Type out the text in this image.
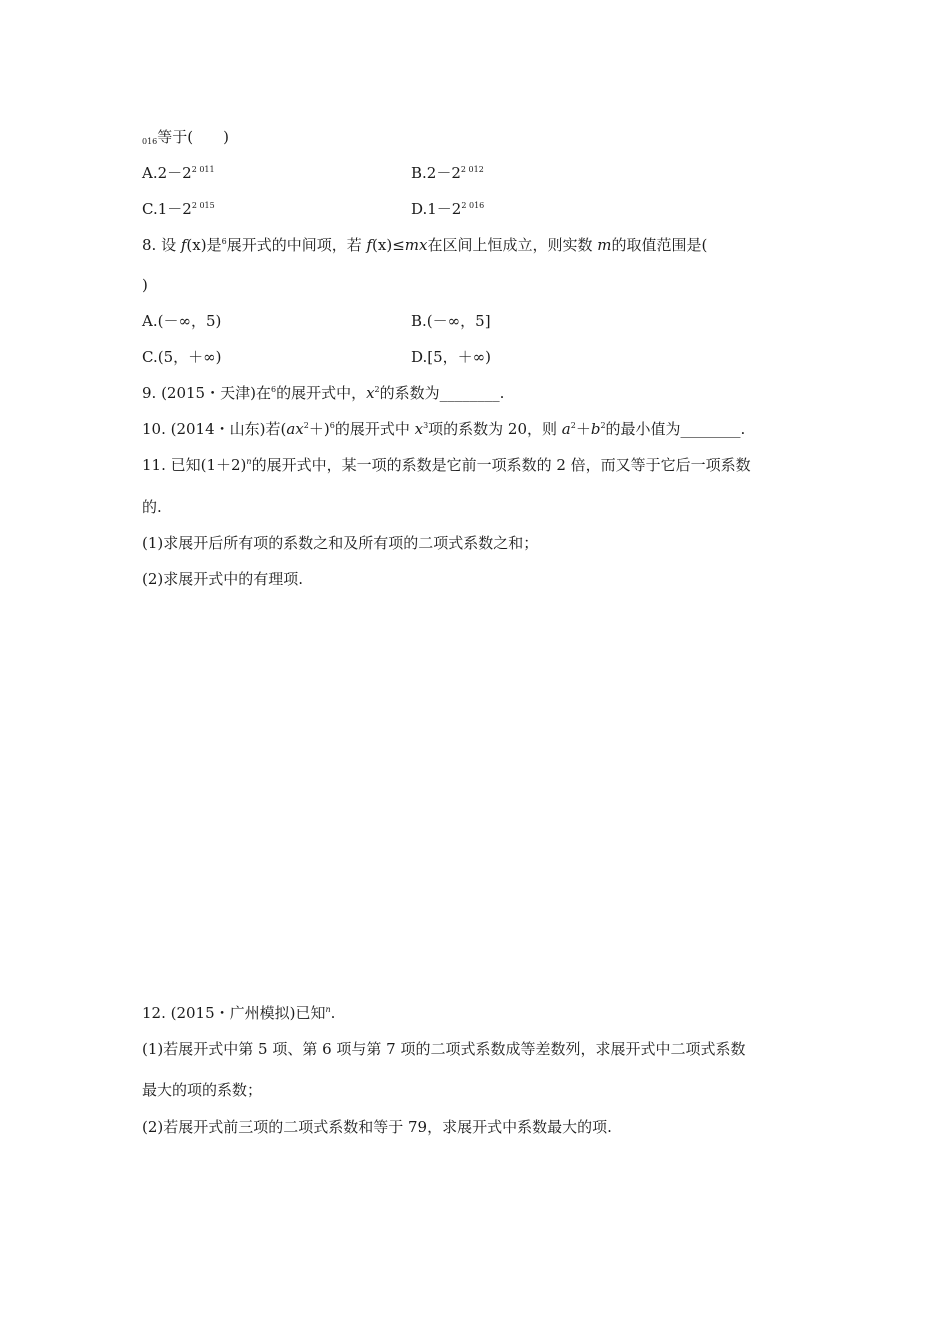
$_{016}$等于(　　)
$A.2-2^{2 011}$	$B.2-2^{2 012}$
$C.1-2^{2 015}$	$D.1-2^{2 016}$
8. 设 f(x)是$^6$展开式的中间项，若 f(x)≤mx在区间上恒成立，则实数 m的取值范围是(
)
A.(－∞，5)	B.(－∞，5]
C.(5，＋∞)	D.[5，＋∞)
9. (2015・天津)在$^6$的展开式中，$x^2$的系数为________.
10. (2014・山东)若$(ax^2+)^6$的展开式中 $x^3$项的系数为 20，则 $a^2+b^2$的最小值为________.
11. 已知$(1+2)^n$的展开式中，某一项的系数是它前一项系数的 2 倍，而又等于它后一项系数
的.
(1)求展开后所有项的系数之和及所有项的二项式系数之和；
(2)求展开式中的有理项.
12. (2015・广州模拟)已知$^n$.
(1)若展开式中第 5 项、第 6 项与第 7 项的二项式系数成等差数列，求展开式中二项式系数
最大的项的系数；
(2)若展开式前三项的二项式系数和等于 79，求展开式中系数最大的项.
